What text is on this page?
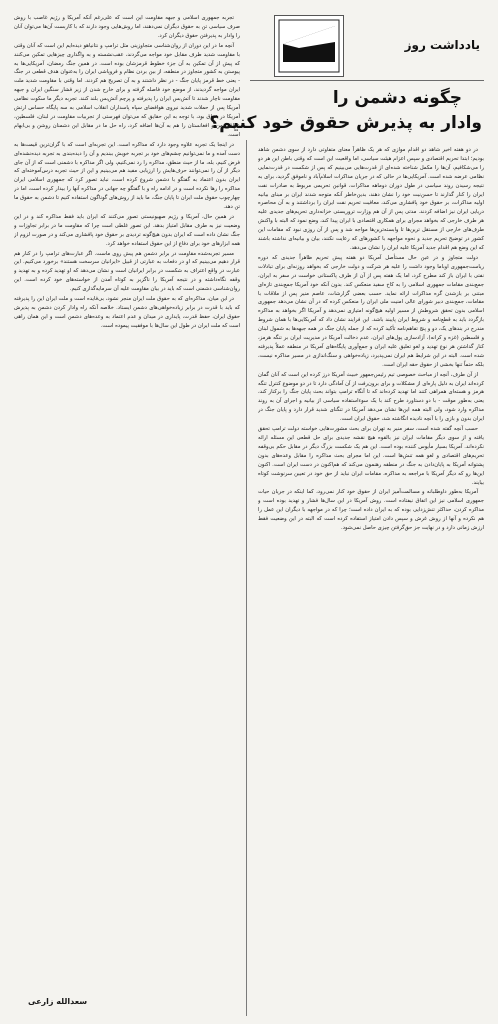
یادداشت روز
چگونه دشمن را
وادار به پذیرش حقوق خود کنیم؟

در دو هفته اخیر شاهد دو اقدام موازی که هر یک ظاهراً معنای متفاوتی دارد از سوی دشمن شاهد بودیم؛ ابتدا تحریم اقتصادی و سپس اعزام هیئت سیاسی، اما واقعیت این است که وقتی باطن این هر دو را می‌شکافیم، آن‌ها را مکمل شناخته شده‌ای از قدرت‌هایی می‌بینیم که پس از شکست در قدرت‌نمایی نظامی عرضه شده است. آمریکایی‌ها در حالی که در جریان مذاکرات اسلام‌آباد و ناموفق گردید، برای به نتیجه رسیدن روند سیاسی در طول دوران دوماهه مذاکرات، قوانین تحریمی مربوط به صادرات نفت ایران را کنار گذارند تا حسن‌نیت خود را نشان دهند، بدین‌خاطر آنکه متوجه شدند ایران بر مبنای بیانیه اولیه مذاکرات، بر حقوق خود پافشاری می‌کند، معافیت تحریم نفت ایران را برداشتند و به آن محاصره دریایی ایران نیز اضافه کردند. مدتی پس از آن هم وزارت تروریستی خزانه‌داری تحریم‌های جدیدی علیه هر طرف خارجی که بخواهد مجرای برای همکاری اقتصادی با ایران پیدا کند، وضع نمود که البته با واکنش طرف‌های خارجی از مستقل ترین‌ها تا وابسته‌ترین‌ها مواجه شد و پس از آن روزی نبود که مقامات این کشور در توضیح تحریم جدید و نحوه مواجهه با کشورهای که رعایت نکنند، بیان و بیانیه‌ای نداشته باشند که این وضع هم اقدام جدید آمریکا علیه ایران را نشان می‌دهد.

دولت متجاوز و در عین حال مستأصل آمریکا دو هفته پیش تحریم ظاهراً جدیدی که دوره ریاست‌جمهوری اوباما وجود داشت را علیه هر شرکت و دولت خارجی که بخواهد روزنه‌ای برای تبادلات نفتی با ایران باز کند مطرح کرد، اما یک هفته پس از آن از طرف پاکستانی خواست در سفر به ایران، جمع‌بندی مقامات جمهوری اسلامی را به کاخ سفید منعکس کند. بدون آنکه خود آمریکا جمع‌بندی تازه‌ای مبتنی بر بازشدن گره مذاکرات ارائه نماید. حسب بعضی گزارشات، عاصم منیر پس از ملاقات با مقامات، جمع‌بندی دبیر شورای عالی امنیت ملی ایران را منعکس کرده که در آن نشان می‌دهد جمهوری اسلامی بدون تحقق شروطش از مسیر اولیه هیچ‌گونه امتیازی نمی‌دهد و آمریکا اگر بخواهد به مذاکره بازگردد باید به قطع‌نامه و شروط ایران پایبند باشد. این فرایند نشان داد که آمریکایی‌ها با همان شروط مندرج در بندهای یک، دو و پنج تفاهم‌نامه تأکید کرده که از جمله پایان جنگ در همه جبهه‌ها به شمول لبنان و فلسطین (غزه و کرانه)، آزادسازی پول‌های ایران، عدم دخالت آمریکا در مدیریت ایران بر تنگه هرمز، کنار گذاشتن هر نوع تهدید و لغو تعلیق علیه ایران و جمع‌آوری پایگاه‌های آمریکا در منطقه عملاً پذیرفته شده است. البته در این شرایط هم ایران نمی‌پذیرد، زیاده‌خواهی و سنگ‌اندازی در مسیر مذاکره نیست، بلکه حتماً تنها بخشی از حقوق حقه ایران است.

از آن طرف، آنچه از مباحث خصوصی تیم رئیس‌جمهور خبیث آمریکا درز کرده این است که آنان گمان کرده‌اند ایران به دلیل پاره‌ای از مشکلات و برای برون‌رفت از آن آمادگی دارد تا در دو موضوع کنترل تنگه هرمز و هسته‌ای همراهی کنند اما تهدید کرده‌اند که تا آنگاه ترامپ بتواند بحث پایان جنگ را برکنار کند، یعنی به‌طور موقت - با دو دستاورد طرح کند با یک سوءاستفاده سیاسی از بیانیه و اجرای آن به روند مذاکره وارد شود، ولی البته همه این‌ها نشان می‌دهد آمریکا در تنگنای شدید قرار دارد و پایان جنگ در ایران بدون و بازی را با آنچه نادیده انگاشته شد، حقوق ایران است.

حسب آنچه گفته شده است، سفر منیر به تهران برای بحث مشورت‌هایی خواسته دولت ترامپ تحقق یافته و از سوی دیگر مقامات ایران نیز بالقوه هیچ نقشه جدیدی برای حل قطعی این مسئله ارائه نکرده‌اند. آمریکا بسیار مأیوس کننده بوده است. این هم یک شکست بزرگ دیگر در مقابل حکم بی‌وقفه تحریم‌های اقتصادی و لغو همه تنش‌ها است. این اما مجرای بحث مذاکره را مقابل وعده‌های بدون پشتوانه آمریکا به پایان‌دادن به جنگ در منطقه رهنمون می‌کند که هم‌اکنون در دست ایران است. اکنون این‌ها رو که دیگر آمریکا با مراجعه به مذاکره، مقامات ایران نباید از حق خود در تعیین سرنوشت کوتاه بیایند.

آمریکا به‌طور داوطلبانه و مسالمت‌آمیز ایران از حقوق خود کنار نمی‌رود، کما اینکه در جریان حیات جمهوری اسلامی نیز این اتفاق نیفتاده است. روش آمریکا در این سال‌ها فشار و تهدید بوده است و مذاکره کردن، حداکثر تنش‌زدایی بوده که به ایران داده است؛ چرا که در مواجهه با دیگران این عمل را هم نکرده و آنها از روش غرش و سپس دادن امتیاز استفاده کرده است که البته در این وضعیت فقط ارزش زمانی دارد و در نهایت جز حق‌گرفتن چیزی حاصل نمی‌شود.

تجربه جمهوری اسلامی و جبهه مقاومت این است که علی‌رغم آنکه آمریکا و رژیم غاصب با روش صرف سیاسی تن به حقوق دیگران نمی‌دهند، اما روش‌هایی وجود دارند که با کاربست آن‌ها می‌توان آنان را وادار به پذیرفتن حقوق دیگران کرد.

آنچه ما در این دوران از روان‌شناسی متجاوزینی مثل ترامپ و نتانیاهو دیده‌ایم این است که آنان وقتی با مقاومت شدید طرف مقابل خود مواجه می‌گردند، عقب‌نشسته و به واگذاری چیزهایی تمکین می‌کنند که پیش از آن تمکین به آن جزء خطوط قرمزشان بوده است. در همین جنگ رمضان، آمریکایی‌ها به پیوستن به کشور متجاوز در منطقه، از بین بردن نظام و فروپاشی ایران را به‌عنوان هدف قطعی در جنگ - یعنی خط قرمز پایان جنگ - در نظر داشتند و به آن تصریح هم کردند. اما وقتی با مقاومت شدید ملت ایران مواجه گردیدند، از موضع خود فاصله گرفته و برای خارج شدن از زیر فشار سنگین ایران و جبهه مقاومت ناچار شدند تا آتش‌بس ایران را پذیرفته و پرچم آتش‌بس بلند کنند. تجربه دیگر ما سکوت نظامی آمریکا پس از حملات شدید نیروی هوافضای سپاه پاسداران انقلاب اسلامی به سه پایگاه حساس ارتش آمریکا در عراق بود، با توجه به این حقایق که می‌توان فهرستی از تجربیات مقاومت در لبنان، فلسطین، عراق، یمن و افغانستان را هم به آن‌ها اضافه کرد، راه حل ما در مقابل این دشمنان روشن و بی‌ابهام است.

در اینجا یک تجربه علاوه وجود دارد که مذاکره است. این تجربه‌ای است که با گران‌ترین قیمت‌ها به دست آمده و ما نمی‌توانیم چشم‌های خود بر تجربه خویش ببندیم و آن را دیده‌بندی به تجربه دیده‌نشده‌ای فرض کنیم، بله، ما از حیث منطق، مذاکره را رد نمی‌کنیم، ولی اگر مذاکره با دشمنی است که از آن جای دیگر از آن را نمی‌توانند حرف‌هایش را ارزیابی مفید هم می‌بینیم و این از حیث تجربه درس‌آموخته‌ای که ایران بدون اعتماد به گفتگو با دشمن شروع کرده است، نباید تصور کرد که جمهوری اسلامی ایران مذاکره را رها نکرده است و در ادامه راه و با گفتگو چه جهانی در مذاکره آنها را بیدار کرده است، اما در چهارچوب حقوق ملت ایران تا پایان جنگ، ما باید از روش‌های گوناگون استفاده کنیم تا دشمن به حقوق ما تن دهد.

در همین حال، آمریکا و رژیم صهیونیستی تصور می‌کنند که ایران باید فقط مذاکره کند و در این وضعیت نیز به طرف مقابل امتیاز بدهد. این تصور غلطی است چرا که مقاومت ما در برابر تجاوزات و جنگ نشان داده است که ایران بدون هیچ‌گونه تردیدی بر حقوق خود پافشاری می‌کند و در صورت لزوم از همه ابزارهای خود برای دفاع از این حقوق استفاده خواهد کرد.

مسیر تجربه‌شده مقاومت در برابر دشمن هم پیش روی ماست. اگر عبارت‌های ترامپ را در کنار هم قرار دهیم می‌بینیم که او در دفعات به عبارتی از قبیل «ایرانیان سرسخت هستند» برخورد می‌کنیم. این عبارت در واقع اعتراف به شکست در برابر ایرانیان است و نشان می‌دهد که او تهدید کرده و به تهدید و وقفه نگاه‌داشته و در نتیجه آمریکا را ناگزیر به کوتاه آمدن از خواسته‌های خود کرده است. این روان‌شناسی دشمنی است که باید در بیان مقاومت علیه آن سرمایه‌گذاری کنیم.

در این میان، مذاکره‌ای که به حقوق ملت ایران منجر نشود، بی‌فایده است و ملت ایران این را پذیرفته که باید با قدرت در برابر زیاده‌خواهی‌های دشمن ایستاد. خلاصه آنکه راه وادار کردن دشمن به پذیرش حقوق ایران، حفظ قدرت، پایداری در میدان و عدم اعتماد به وعده‌های دشمن است و این همان راهی است که ملت ایران در طول این سال‌ها با موفقیت پیموده است.

سعدالله زارعی
